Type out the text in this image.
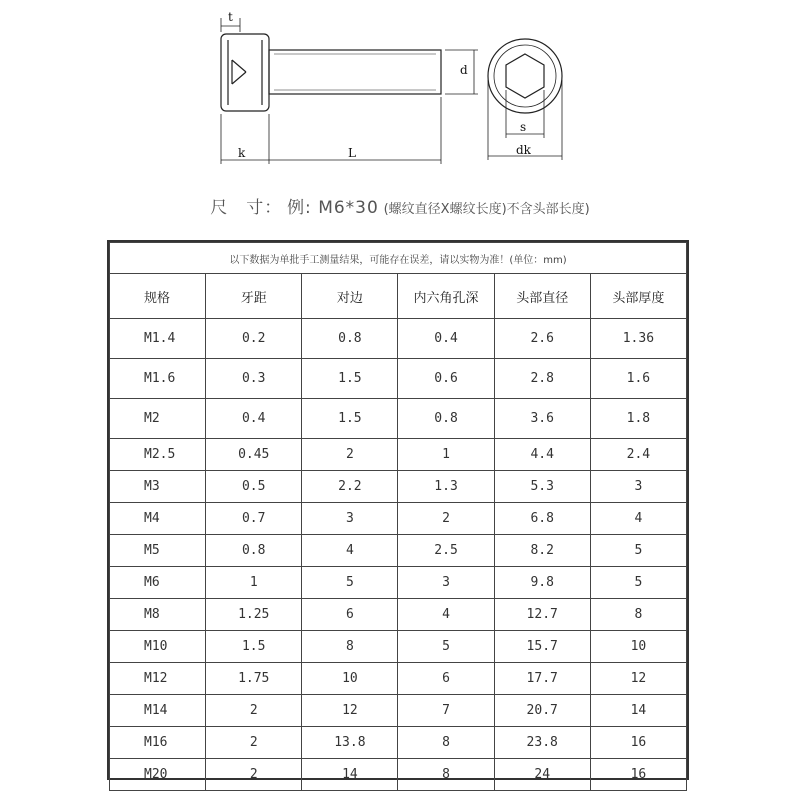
t
d
k	L
s
dk
尺　寸： 例: M6*30 (螺纹直径X螺纹长度)不含头部长度)
以下数据为单批手工测量结果，可能存在误差，请以实物为准！(单位：mm)					
规格	牙距	对边	内六角孔深	头部直径	头部厚度
M1.4	0.2	0.8	0.4	2.6	1.36
M1.6	0.3	1.5	0.6	2.8	1.6
M2	0.4	1.5	0.8	3.6	1.8
M2.5	0.45	2	1	4.4	2.4
M3	0.5	2.2	1.3	5.3	3
M4	0.7	3	2	6.8	4
M5	0.8	4	2.5	8.2	5
M6	1	5	3	9.8	5
M8	1.25	6	4	12.7	8
M10	1.5	8	5	15.7	10
M12	1.75	10	6	17.7	12
M14	2	12	7	20.7	14
M16	2	13.8	8	23.8	16
M20	2	14	8	24	16
